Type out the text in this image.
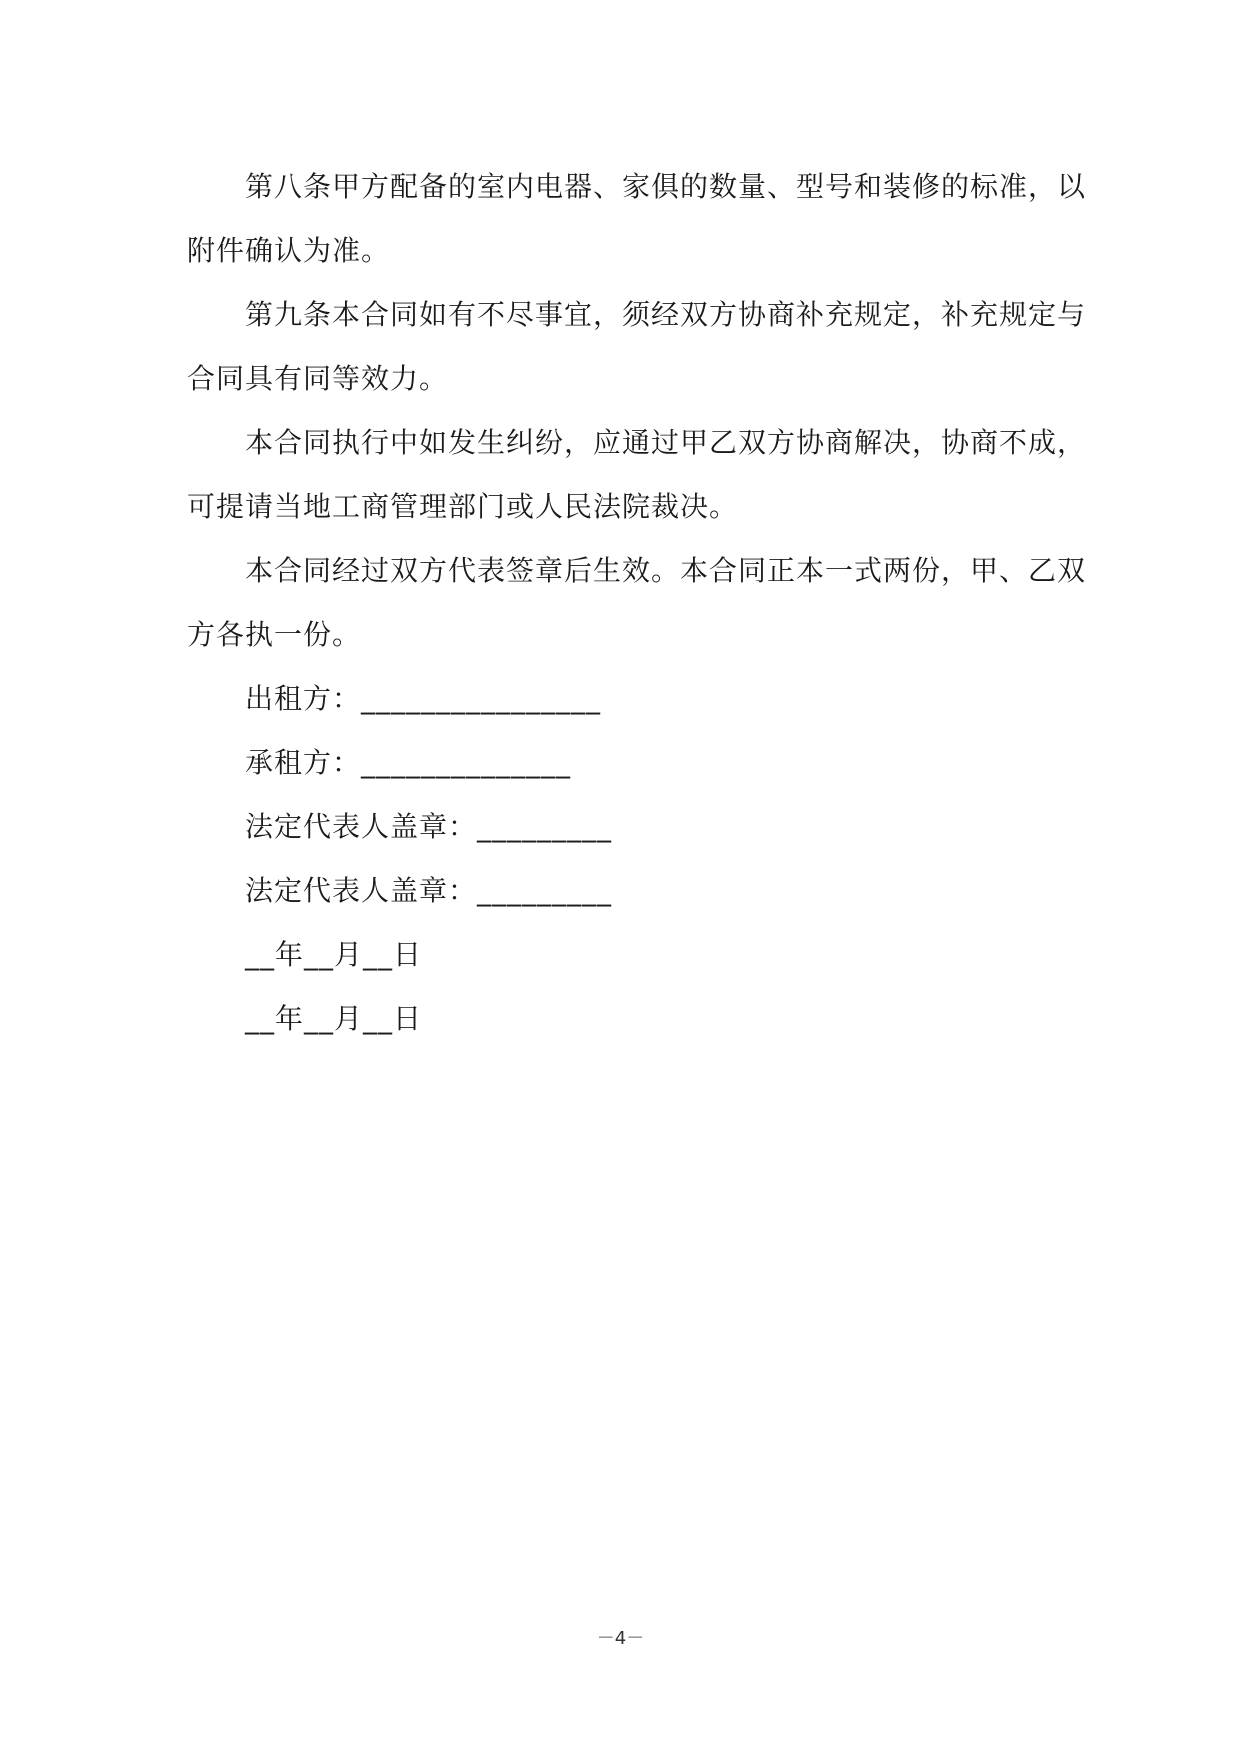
第八条甲方配备的室内电器、家俱的数量、型号和装修的标准，以附件确认为准。

第九条本合同如有不尽事宜，须经双方协商补充规定，补充规定与合同具有同等效力。

本合同执行中如发生纠纷，应通过甲乙双方协商解决，协商不成，可提请当地工商管理部门或人民法院裁决。

本合同经过双方代表签章后生效。本合同正本一式两份，甲、乙双方各执一份。

出租方：________________

承租方：______________

法定代表人盖章：_________

法定代表人盖章：_________

__年__月__日

__年__月__日

－4－
